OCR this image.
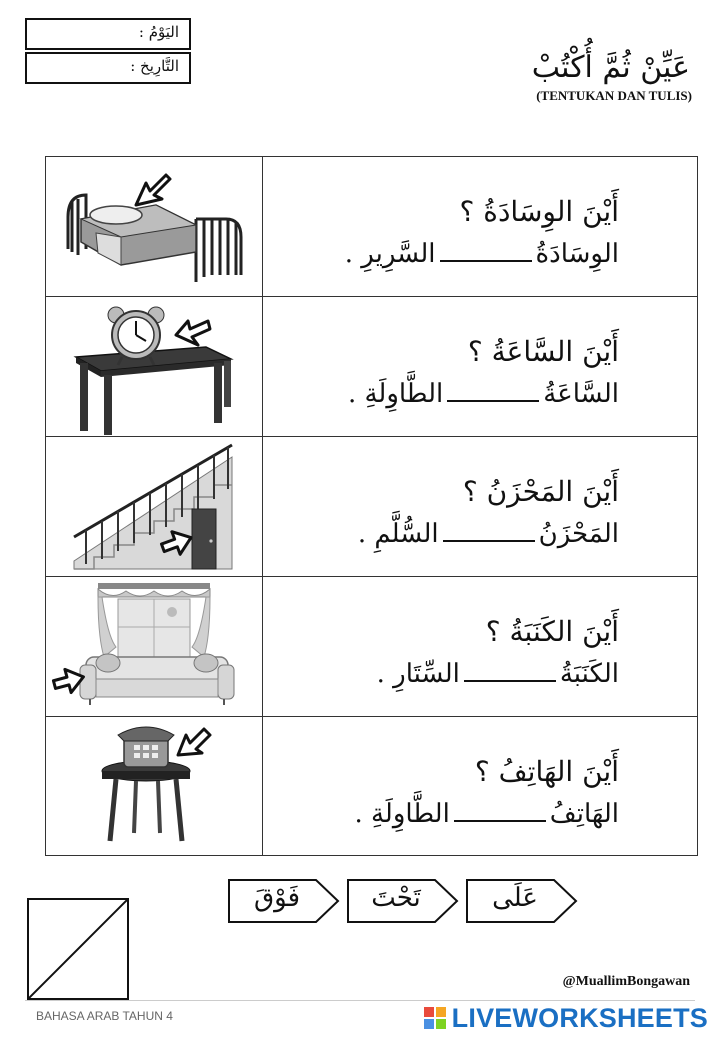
اليَوْمُ :
التَّارِيخ :	عَيِّنْ ثُمَّ أُكْتُبْ
(TENTUKAN DAN TULIS)
أَيْنَ الوِسَادَةُ ؟
الوِسَادَةُالسَّرِيرِ .
أَيْنَ السَّاعَةُ ؟
السَّاعَةُالطَّاوِلَةِ .
أَيْنَ المَحْزَنُ ؟
المَحْزَنُالسُّلَّمِ .
أَيْنَ الكَنَبَةُ ؟
الكَنَبَةُالسِّتَارِ .
أَيْنَ الهَاتِفُ ؟
الهَاتِفُالطَّاوِلَةِ .
فَوْقَ	تَحْتَ	عَلَى
@MuallimBongawan
BAHASA ARAB TAHUN 4	LIVEWORKSHEETS
